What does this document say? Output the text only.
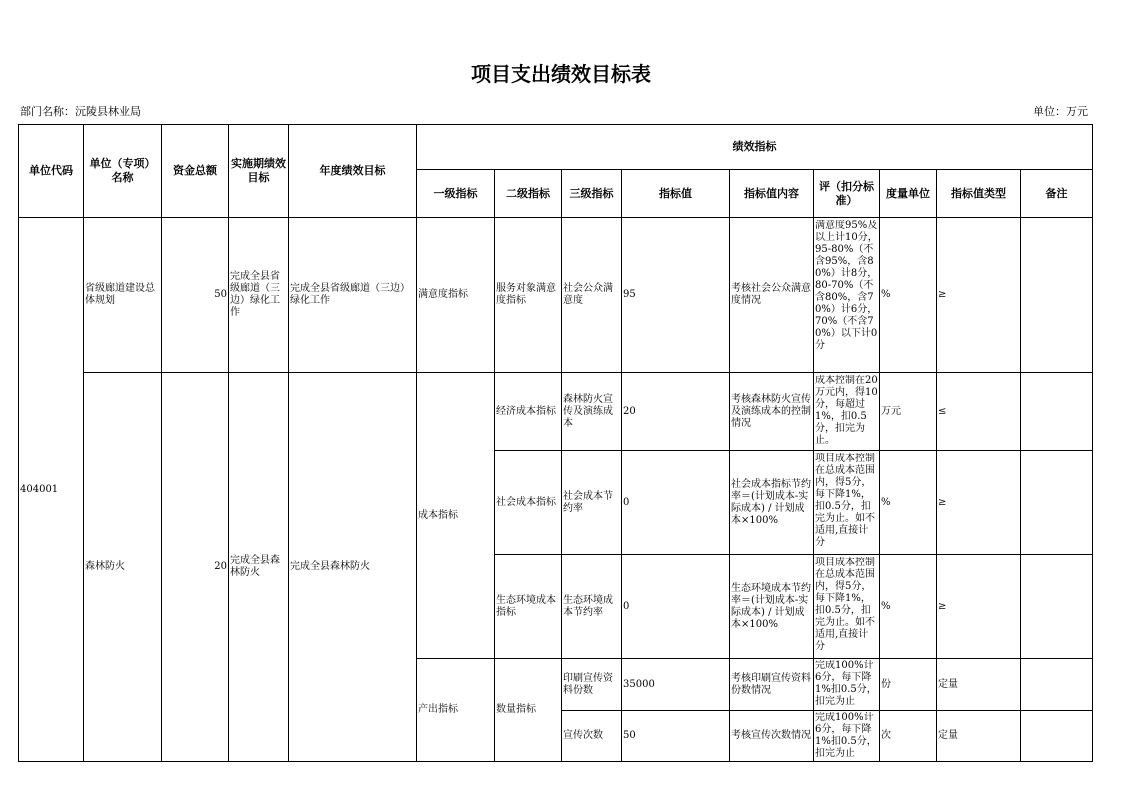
项目支出绩效目标表
部门名称：沅陵县林业局	单位：万元
单位代码	单位（专项）名称	资金总额	实施期绩效目标	年度绩效目标	绩效指标								
					一级指标	二级指标	三级指标	指标值	指标值内容	评（扣分标准）	度量单位	指标值类型	备注
404001	省级廊道建设总体规划	50	完成全县省级廊道（三边）绿化工作	完成全县省级廊道（三边）绿化工作	满意度指标	服务对象满意度指标	社会公众满意度	95	考核社会公众满意度情况	满意度95%及以上计10分，95-80%（不含95%，含80%）计8分，80-70%（不含80%，含70%）计6分，70%（不含70%）以下计0分	%	≥	
	森林防火	20	完成全县森林防火	完成全县森林防火	成本指标	经济成本指标	森林防火宣传及演练成本	20	考核森林防火宣传及演练成本的控制情况	成本控制在20万元内，得10分，每超过1%，扣0.5分，扣完为止。	万元	≤	
						社会成本指标	社会成本节约率	0	社会成本指标节约率＝(计划成本-实际成本) / 计划成本×100%	项目成本控制在总成本范围内，得5分，每下降1%，扣0.5分，扣完为止。如不适用,直接计分	%	≥	
						生态环境成本指标	生态环境成本节约率	0	生态环境成本节约率＝(计划成本-实际成本) / 计划成本×100%	项目成本控制在总成本范围内，得5分，每下降1%，扣0.5分，扣完为止。如不适用,直接计分	%	≥	
					产出指标	数量指标	印刷宣传资料份数	35000	考核印刷宣传资料份数情况	完成100%计6分，每下降1%扣0.5分，扣完为止	份	定量	
							宣传次数	50	考核宣传次数情况	完成100%计6分，每下降1%扣0.5分，扣完为止	次	定量	
